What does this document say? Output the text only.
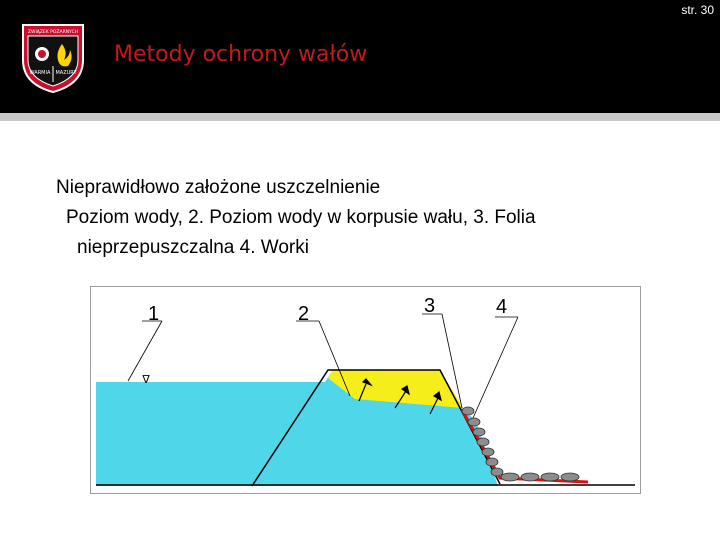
ZWIĄZEK POŻARNYCH
WARMIA MAZURY
Metody ochrony wałów
str. 30
Nieprawidłowo założone uszczelnienie
Poziom wody, 2. Poziom wody w korpusie wału, 3. Folia
nieprzepuszczalna 4. Worki
∇
1	2	3	4
